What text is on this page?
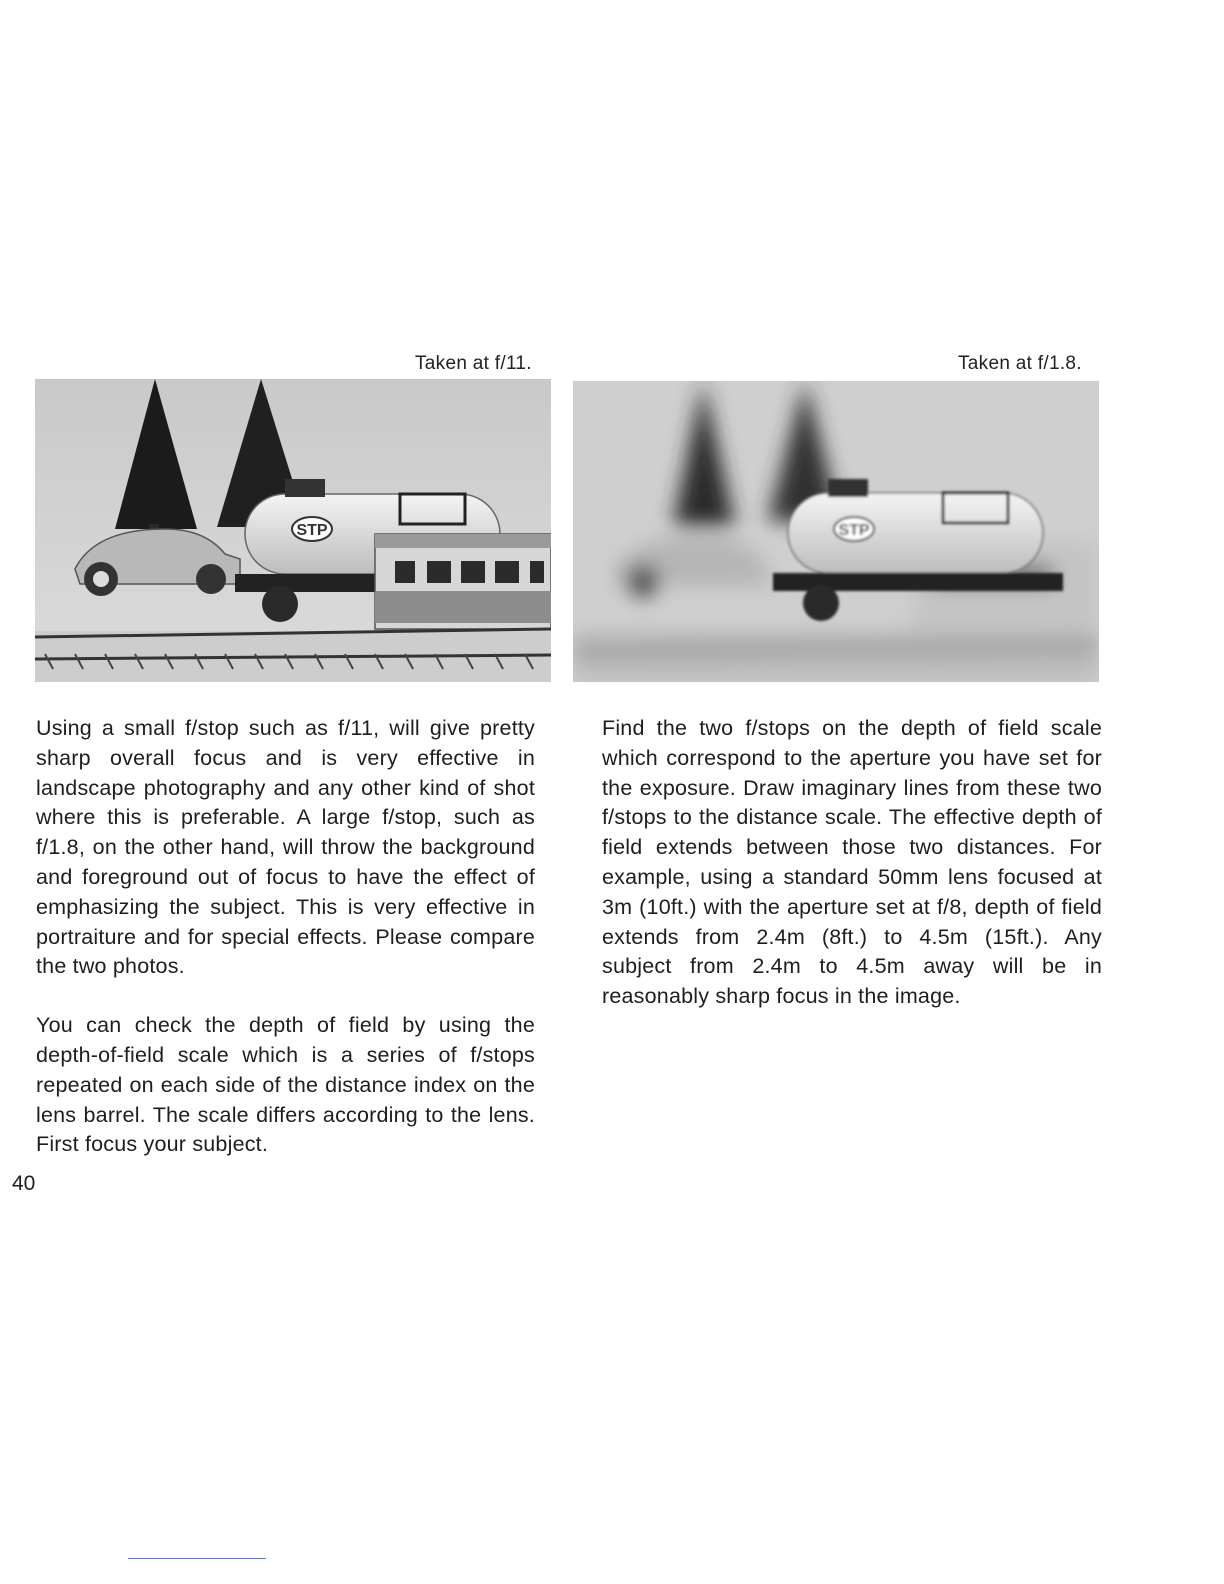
Taken at f/11.	Taken at f/1.8.
STP	STP

Using a small f/stop such as f/11, will give pretty sharp overall focus and is very effective in landscape photography and any other kind of shot where this is preferable. A large f/stop, such as f/1.8, on the other hand, will throw the background and foreground out of focus to have the effect of emphasizing the subject. This is very effective in portraiture and for special effects. Please compare the two photos.

You can check the depth of field by using the depth-of-field scale which is a series of f/stops repeated on each side of the distance index on the lens barrel. The scale differs according to the lens. First focus your subject.

Find the two f/stops on the depth of field scale which correspond to the aperture you have set for the exposure. Draw imaginary lines from these two f/stops to the distance scale. The effective depth of field extends between those two distances. For example, using a standard 50mm lens focused at 3m (10ft.) with the aperture set at f/8, depth of field extends from 2.4m (8ft.) to 4.5m (15ft.). Any subject from 2.4m to 4.5m away will be in reasonably sharp focus in the image.

40
